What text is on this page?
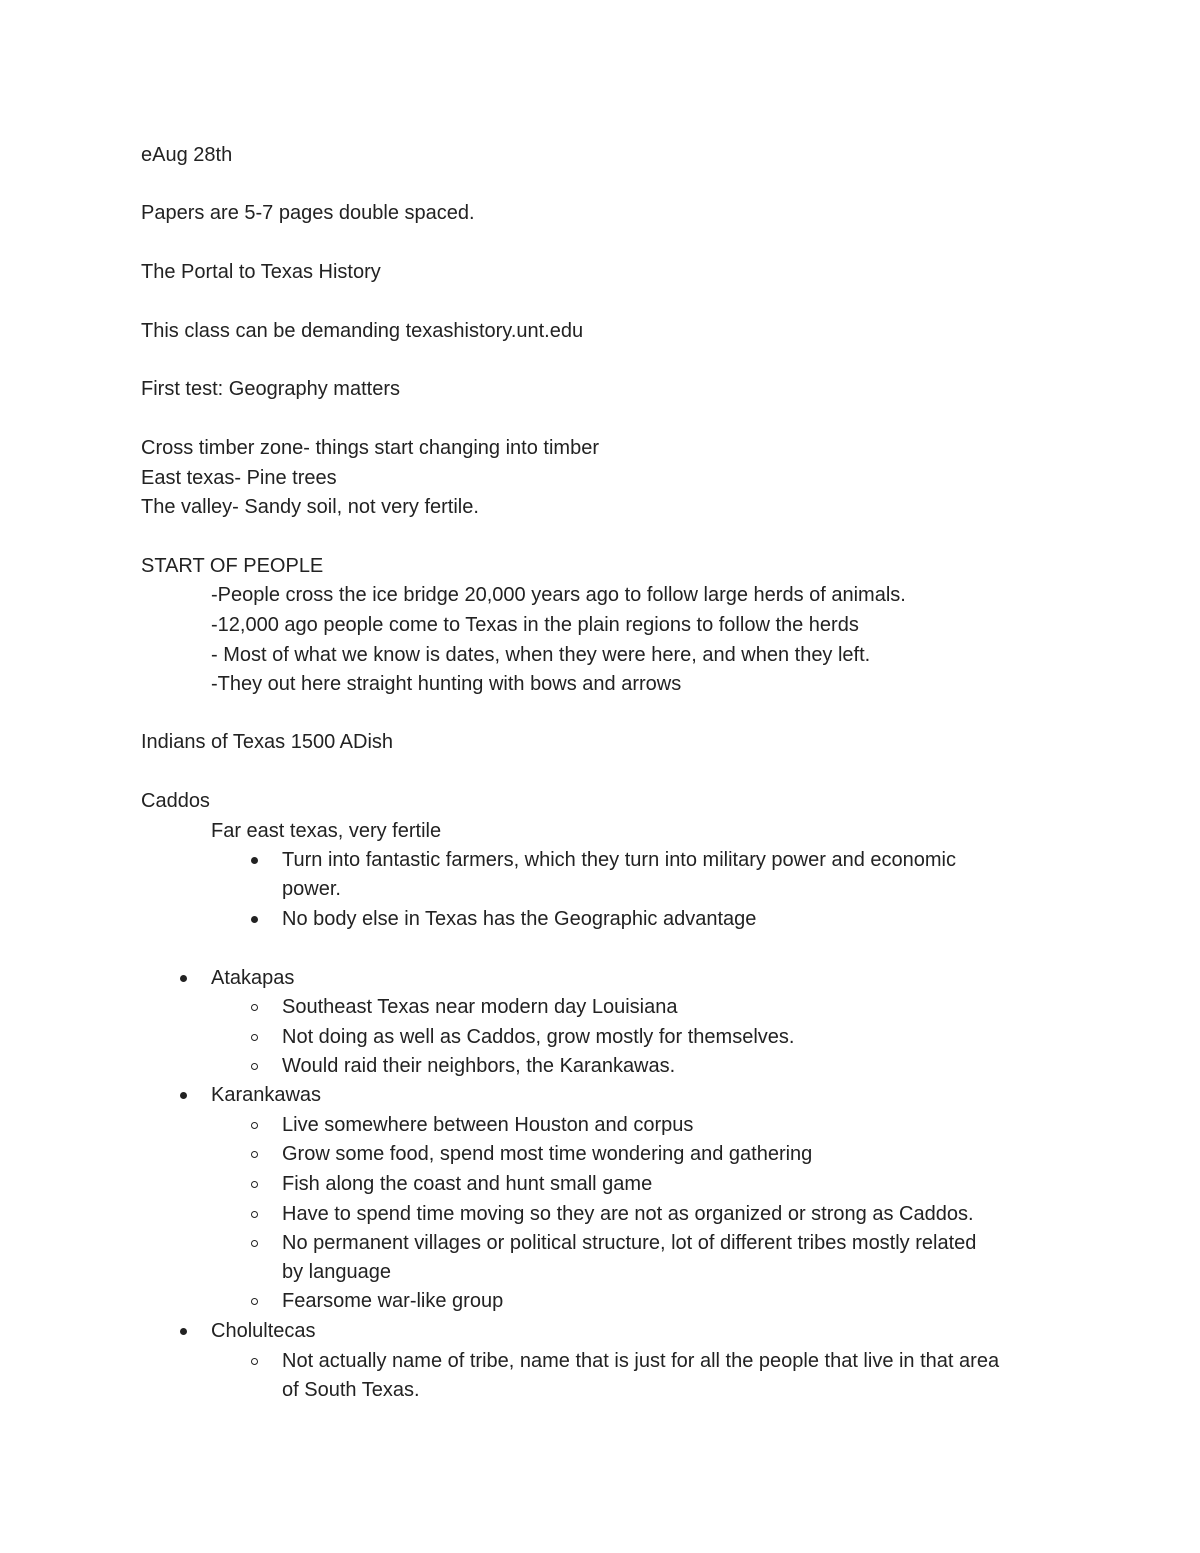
eAug 28th
Papers are 5-7 pages double spaced.
The Portal to Texas History
This class can be demanding texashistory.unt.edu
First test: Geography matters
Cross timber zone- things start changing into timber
East texas- Pine trees
The valley- Sandy soil, not very fertile.
START OF PEOPLE
-People cross the ice bridge 20,000 years ago to follow large herds of animals.
-12,000 ago people come to Texas in the plain regions to follow the herds
- Most of what we know is dates, when they were here, and when they left.
-They out here straight hunting with bows and arrows
Indians of Texas 1500 ADish
Caddos
Far east texas, very fertile
Turn into fantastic farmers, which they turn into military power and economic
power.
No body else in Texas has the Geographic advantage
Atakapas
Southeast Texas near modern day Louisiana
Not doing as well as Caddos, grow mostly for themselves.
Would raid their neighbors, the Karankawas.
Karankawas
Live somewhere between Houston and corpus
Grow some food, spend most time wondering and gathering
Fish along the coast and hunt small game
Have to spend time moving so they are not as organized or strong as Caddos.
No permanent villages or political structure, lot of different tribes mostly related
by language
Fearsome war-like group
Cholultecas
Not actually name of tribe, name that is just for all the people that live in that area
of South Texas.
